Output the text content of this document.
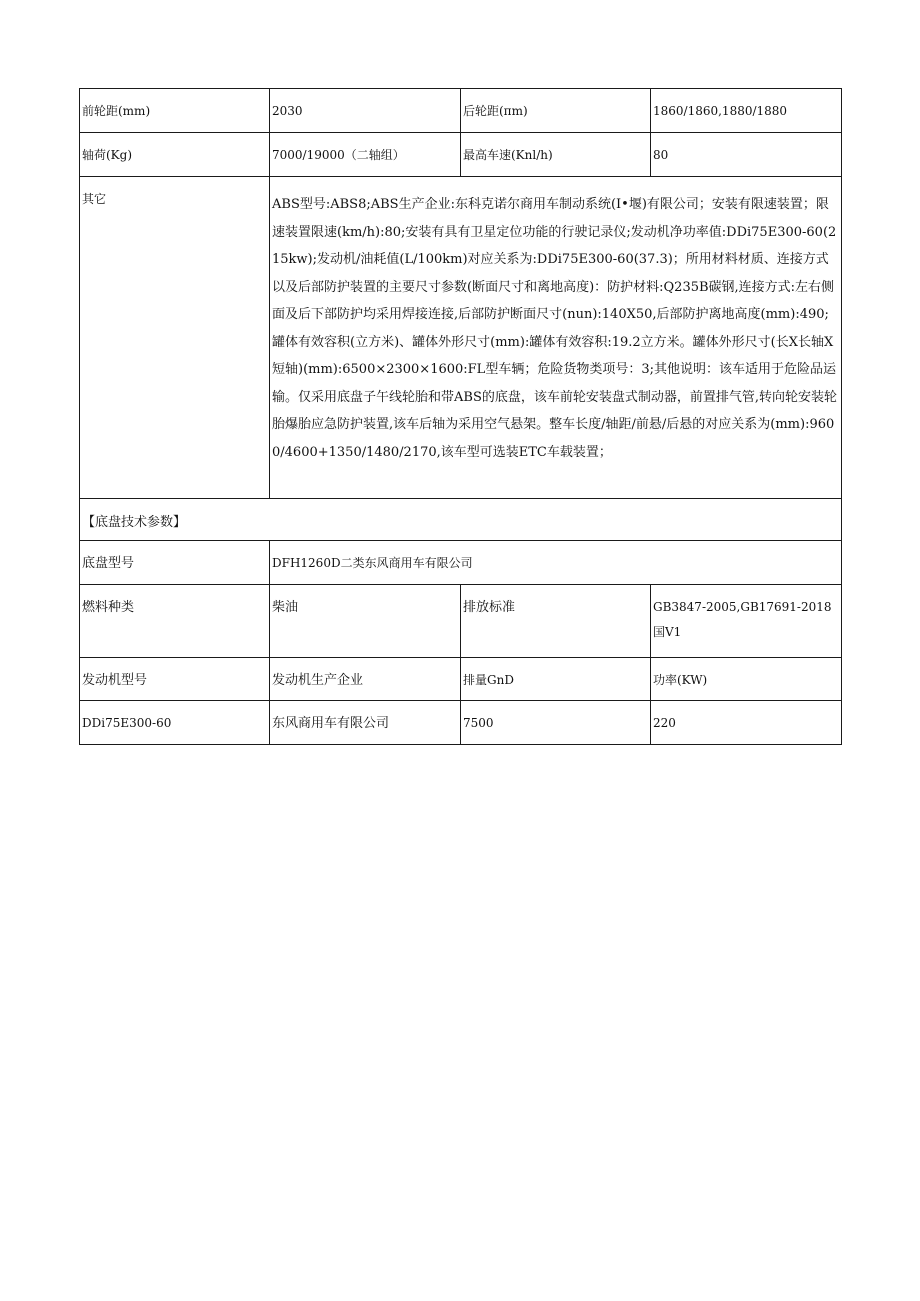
前轮距(mm)	2030	后轮距(πm)	1860/1860,1880/1880
轴荷(Kg)	7000/19000（二轴组）	最高车速(Knl/h)	80
其它	ABS型号:ABS8;ABS生产企业:东科克诺尔商用车制动系统(I•堰)有限公司；安装有限速装置；限速装置限速(km/h):80;安装有具有卫星定位功能的行驶记录仪;发动机净功率值:DDi75E300-60(215kw);发动机/油耗值(L/100km)对应关系为:DDi75E300-60(37.3)；所用材料材质、连接方式以及后部防护装置的主要尺寸参数(断面尺寸和离地高度)：防护材料:Q235B碳钢,连接方式:左右侧面及后下部防护均采用焊接连接,后部防护断面尺寸(nun):140X50,后部防护离地高度(mm):490;罐体有效容积(立方米)、罐体外形尺寸(mm):罐体有效容积:19.2立方米。罐体外形尺寸(长X长轴X短轴)(mm):6500×2300×1600:FL型车辆；危险货物类项号：3;其他说明：该车适用于危险品运输。仅采用底盘子午线轮胎和带ABS的底盘，该车前轮安装盘式制动器，前置排气管,转向轮安装轮胎爆胎应急防护装置,该车后轴为采用空气悬架。整车长度/轴距/前悬/后悬的对应关系为(mm):9600/4600+1350/1480/2170,该车型可选装ETC车载装置；		
【底盘技术参数】			
底盘型号	DFH1260D二类东风商用车有限公司		
燃料种类	柴油	排放标准	GB3847-2005,GB17691-2018
国V1

发动机型号	发动机生产企业	排量GnD	功率(KW)
DDi75E300-60	东风商用车有限公司	7500	220
